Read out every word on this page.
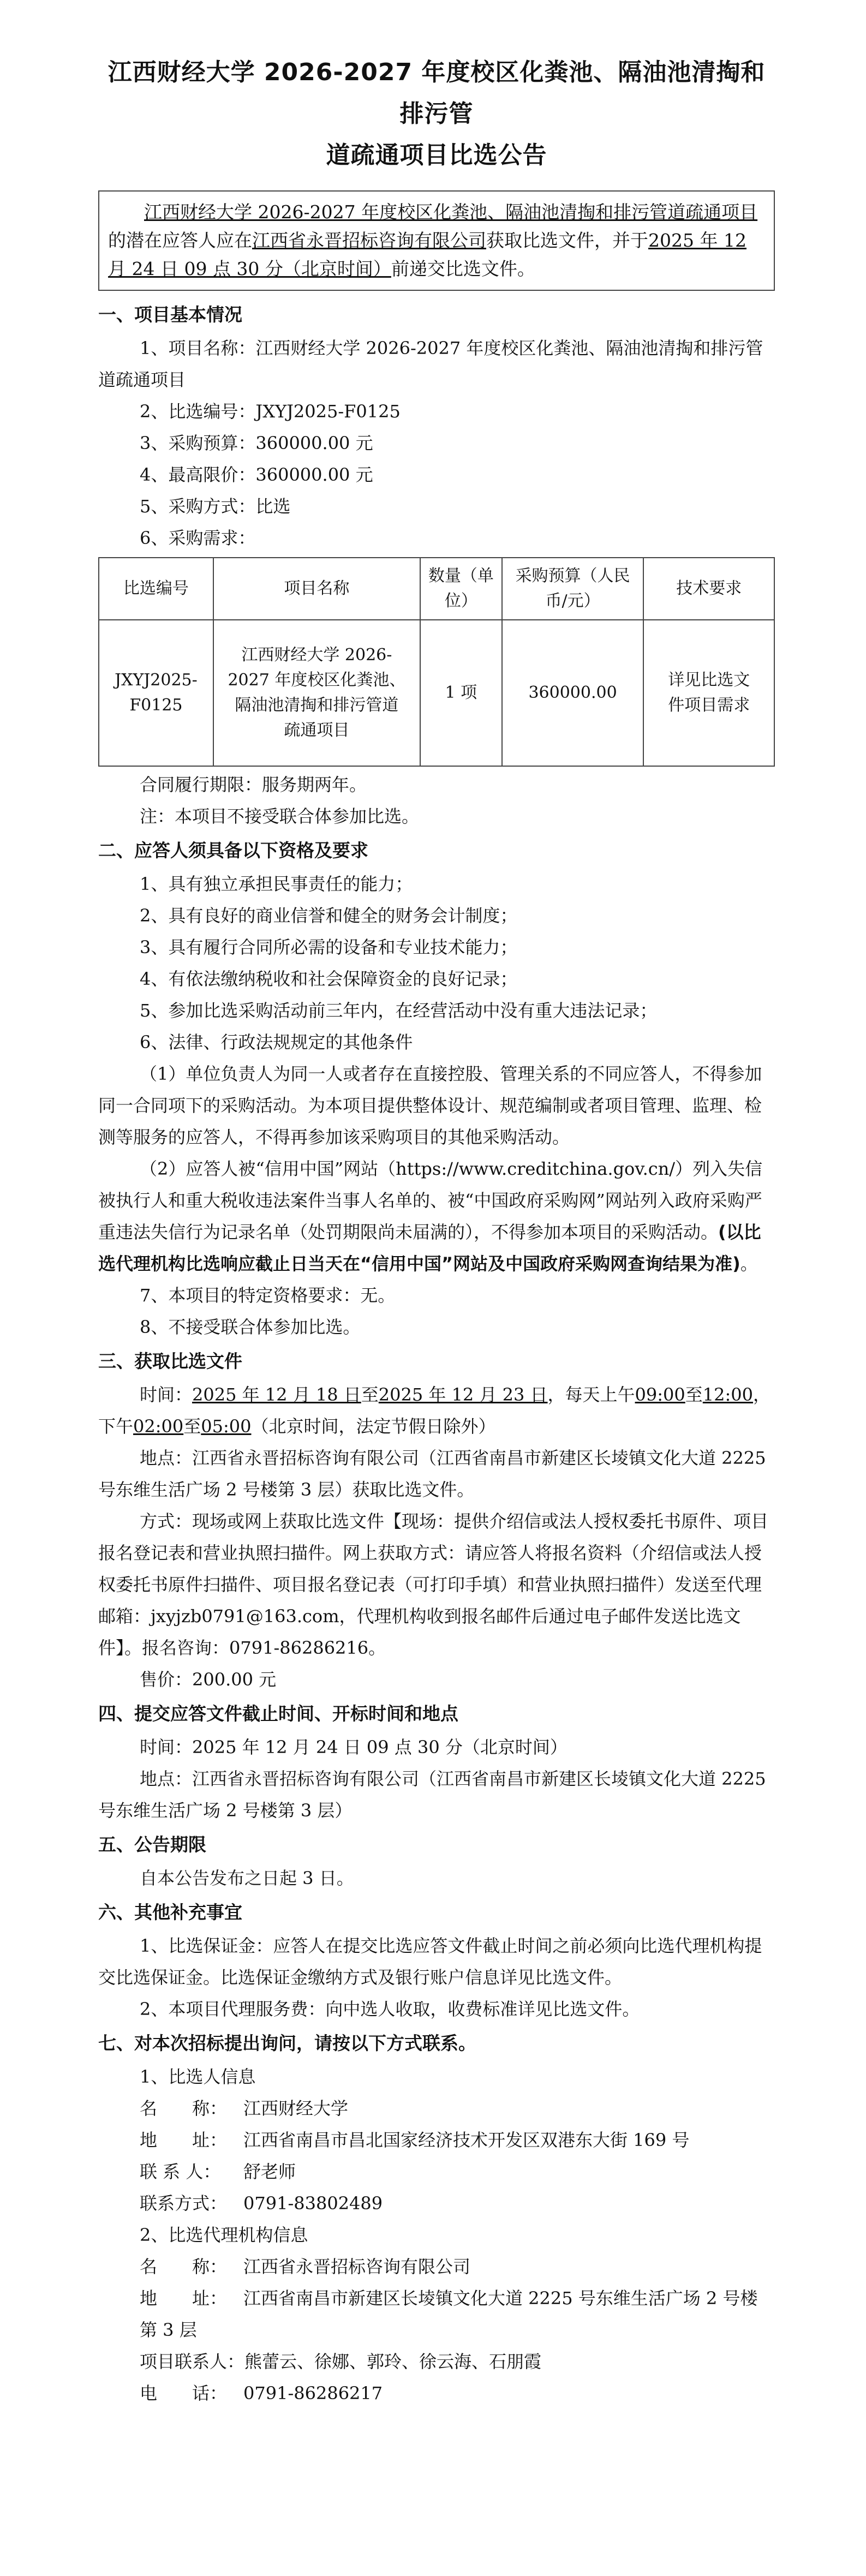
江西财经大学 2026-2027 年度校区化粪池、隔油池清掏和排污管
道疏通项目比选公告
江西财经大学 2026-2027 年度校区化粪池、隔油池清掏和排污管道疏通项目的潜在应答人应在江西省永晋招标咨询有限公司获取比选文件，并于2025 年 12 月 24 日 09 点 30 分（北京时间）前递交比选文件。
一、项目基本情况

1、项目名称：江西财经大学 2026-2027 年度校区化粪池、隔油池清掏和排污管道疏通项目

2、比选编号：JXYJ2025-F0125

3、采购预算：360000.00 元

4、最高限价：360000.00 元

5、采购方式：比选

6、采购需求：

比选编号	项目名称	数量（单位）	采购预算（人民币/元）	技术要求
JXYJ2025-F0125	江西财经大学 2026-2027 年度校区化粪池、隔油池清掏和排污管道疏通项目	1 项	360000.00	详见比选文件项目需求

合同履行期限：服务期两年。

注：本项目不接受联合体参加比选。

二、应答人须具备以下资格及要求

1、具有独立承担民事责任的能力；

2、具有良好的商业信誉和健全的财务会计制度；

3、具有履行合同所必需的设备和专业技术能力；

4、有依法缴纳税收和社会保障资金的良好记录；

5、参加比选采购活动前三年内，在经营活动中没有重大违法记录；

6、法律、行政法规规定的其他条件

（1）单位负责人为同一人或者存在直接控股、管理关系的不同应答人，不得参加同一合同项下的采购活动。为本项目提供整体设计、规范编制或者项目管理、监理、检测等服务的应答人，不得再参加该采购项目的其他采购活动。

（2）应答人被“信用中国”网站（https://www.creditchina.gov.cn/）列入失信被执行人和重大税收违法案件当事人名单的、被“中国政府采购网”网站列入政府采购严重违法失信行为记录名单（处罚期限尚未届满的），不得参加本项目的采购活动。(以比选代理机构比选响应截止日当天在“信用中国”网站及中国政府采购网查询结果为准)。

7、本项目的特定资格要求：无。

8、不接受联合体参加比选。

三、获取比选文件

时间：2025 年 12 月 18 日至2025 年 12 月 23 日，每天上午09:00至12:00，下午02:00至05:00（北京时间，法定节假日除外）

地点：江西省永晋招标咨询有限公司（江西省南昌市新建区长堎镇文化大道 2225 号东维生活广场 2 号楼第 3 层）获取比选文件。

方式：现场或网上获取比选文件【现场：提供介绍信或法人授权委托书原件、项目报名登记表和营业执照扫描件。网上获取方式：请应答人将报名资料（介绍信或法人授权委托书原件扫描件、项目报名登记表（可打印手填）和营业执照扫描件）发送至代理邮箱：jxyjzb0791@163.com，代理机构收到报名邮件后通过电子邮件发送比选文件】。报名咨询：0791-86286216。

售价：200.00 元

四、提交应答文件截止时间、开标时间和地点

时间：2025 年 12 月 24 日 09 点 30 分（北京时间）

地点：江西省永晋招标咨询有限公司（江西省南昌市新建区长堎镇文化大道 2225 号东维生活广场 2 号楼第 3 层）

五、公告期限

自本公告发布之日起 3 日。

六、其他补充事宜

1、比选保证金：应答人在提交比选应答文件截止时间之前必须向比选代理机构提交比选保证金。比选保证金缴纳方式及银行账户信息详见比选文件。

2、本项目代理服务费：向中选人收取，收费标准详见比选文件。

七、对本次招标提出询问，请按以下方式联系。

1、比选人信息

名　　称： 江西财经大学

地　　址： 江西省南昌市昌北国家经济技术开发区双港东大街 169 号

联 系 人： 舒老师

联系方式： 0791-83802489

2、比选代理机构信息

名　　称： 江西省永晋招标咨询有限公司

地　　址： 江西省南昌市新建区长堎镇文化大道 2225 号东维生活广场 2 号楼第 3 层

项目联系人：熊蕾云、徐娜、郭玲、徐云海、石朋霞

电　　话： 0791-86286217
